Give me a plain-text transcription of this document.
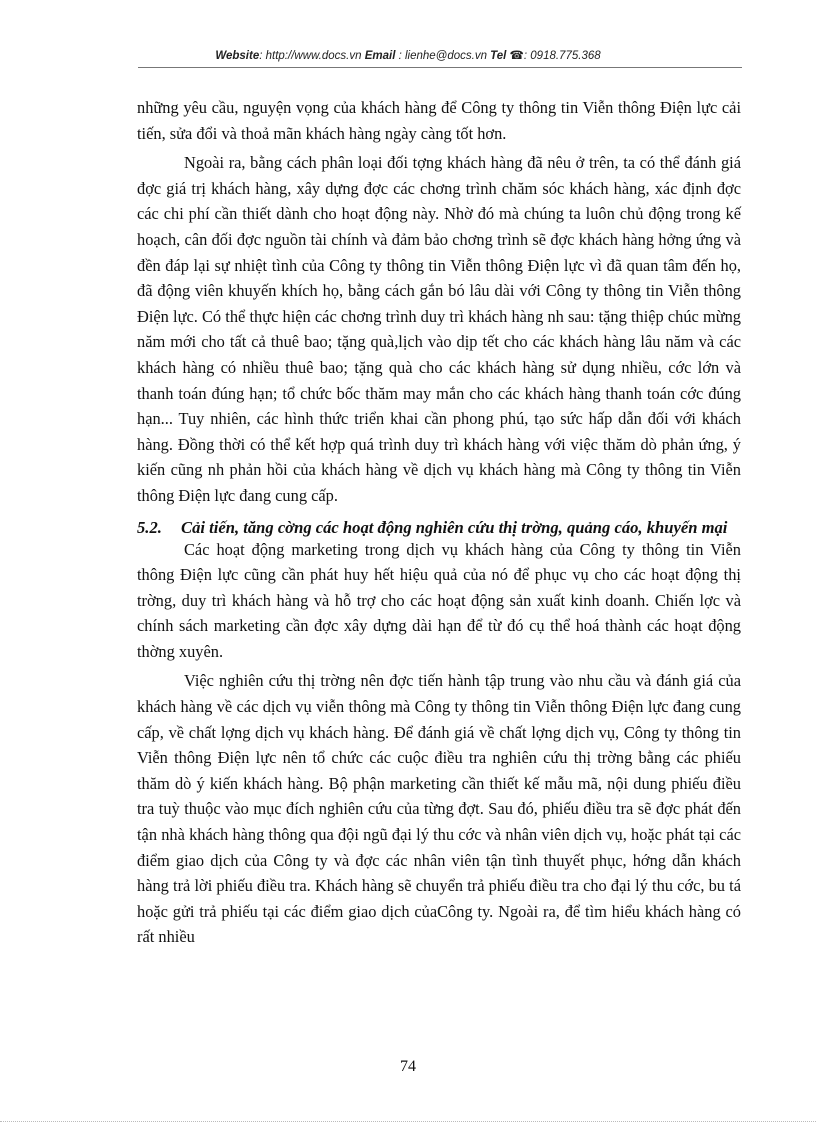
Website: http://www.docs.vn Email : lienhe@docs.vn Tel ☎: 0918.775.368

những yêu cầu, nguyện vọng của khách hàng để Công ty thông tin Viễn thông Điện lực cải tiến, sửa đổi và thoả mãn khách hàng ngày càng tốt hơn.

Ngoài ra, bằng cách phân loại đối tợng khách hàng đã nêu ở trên, ta có thể đánh giá đợc giá trị khách hàng, xây dựng đợc các chơng trình chăm sóc khách hàng, xác định đợc các chi phí cần thiết dành cho hoạt động này. Nhờ đó mà chúng ta luôn chủ động trong kế hoạch, cân đối đợc nguồn tài chính và đảm bảo chơng trình sẽ đợc khách hàng hởng ứng và đền đáp lại sự nhiệt tình của Công ty thông tin Viễn thông Điện lực vì đã quan tâm đến họ, đã động viên khuyến khích họ, bằng cách gắn bó lâu dài với Công ty thông tin Viễn thông Điện lực. Có thể thực hiện các chơng trình duy trì khách hàng nh sau: tặng thiệp chúc mừng năm mới cho tất cả thuê bao; tặng quà,lịch vào dịp tết cho các khách hàng lâu năm và các khách hàng có nhiều thuê bao; tặng quà cho các khách hàng sử dụng nhiều, cớc lớn và thanh toán đúng hạn; tổ chức bốc thăm may mắn cho các khách hàng thanh toán cớc đúng hạn... Tuy nhiên, các hình thức triển khai cần phong phú, tạo sức hấp dẫn đối với khách hàng. Đồng thời có thể kết hợp quá trình duy trì khách hàng với việc thăm dò phản ứng, ý kiến cũng nh phản hồi của khách hàng về dịch vụ khách hàng mà Công ty thông tin Viễn thông Điện lực đang cung cấp.

5.2.	Cải tiến, tăng cờng các hoạt động nghiên cứu thị trờng, quảng cáo, khuyến mại

Các hoạt động marketing trong dịch vụ khách hàng của Công ty thông tin Viễn thông Điện lực cũng cần phát huy hết hiệu quả của nó để phục vụ cho các hoạt động thị trờng, duy trì khách hàng và hỗ trợ cho các hoạt động sản xuất kinh doanh. Chiến lợc và chính sách marketing cần đợc xây dựng dài hạn để từ đó cụ thể hoá thành các hoạt động thờng xuyên.

Việc nghiên cứu thị trờng nên đợc tiến hành tập trung vào nhu cầu và đánh giá của khách hàng về các dịch vụ viễn thông mà Công ty thông tin Viễn thông Điện lực đang cung cấp, về chất lợng dịch vụ khách hàng. Để đánh giá về chất lợng dịch vụ, Công ty thông tin Viễn thông Điện lực nên tổ chức các cuộc điều tra nghiên cứu thị trờng bằng các phiếu thăm dò ý kiến khách hàng. Bộ phận marketing cần thiết kế mẫu mã, nội dung phiếu điều tra tuỳ thuộc vào mục đích nghiên cứu của từng đợt. Sau đó, phiếu điều tra sẽ đợc phát đến tận nhà khách hàng thông qua đội ngũ đại lý thu cớc và nhân viên dịch vụ, hoặc phát tại các điểm giao dịch của Công ty và đợc các nhân viên tận tình thuyết phục, hớng dẫn khách hàng trả lời phiếu điều tra. Khách hàng sẽ chuyển trả phiếu điều tra cho đại lý thu cớc, bu tá hoặc gửi trả phiếu tại các điểm giao dịch củaCông ty. Ngoài ra, để tìm hiểu khách hàng có rất nhiều

74
